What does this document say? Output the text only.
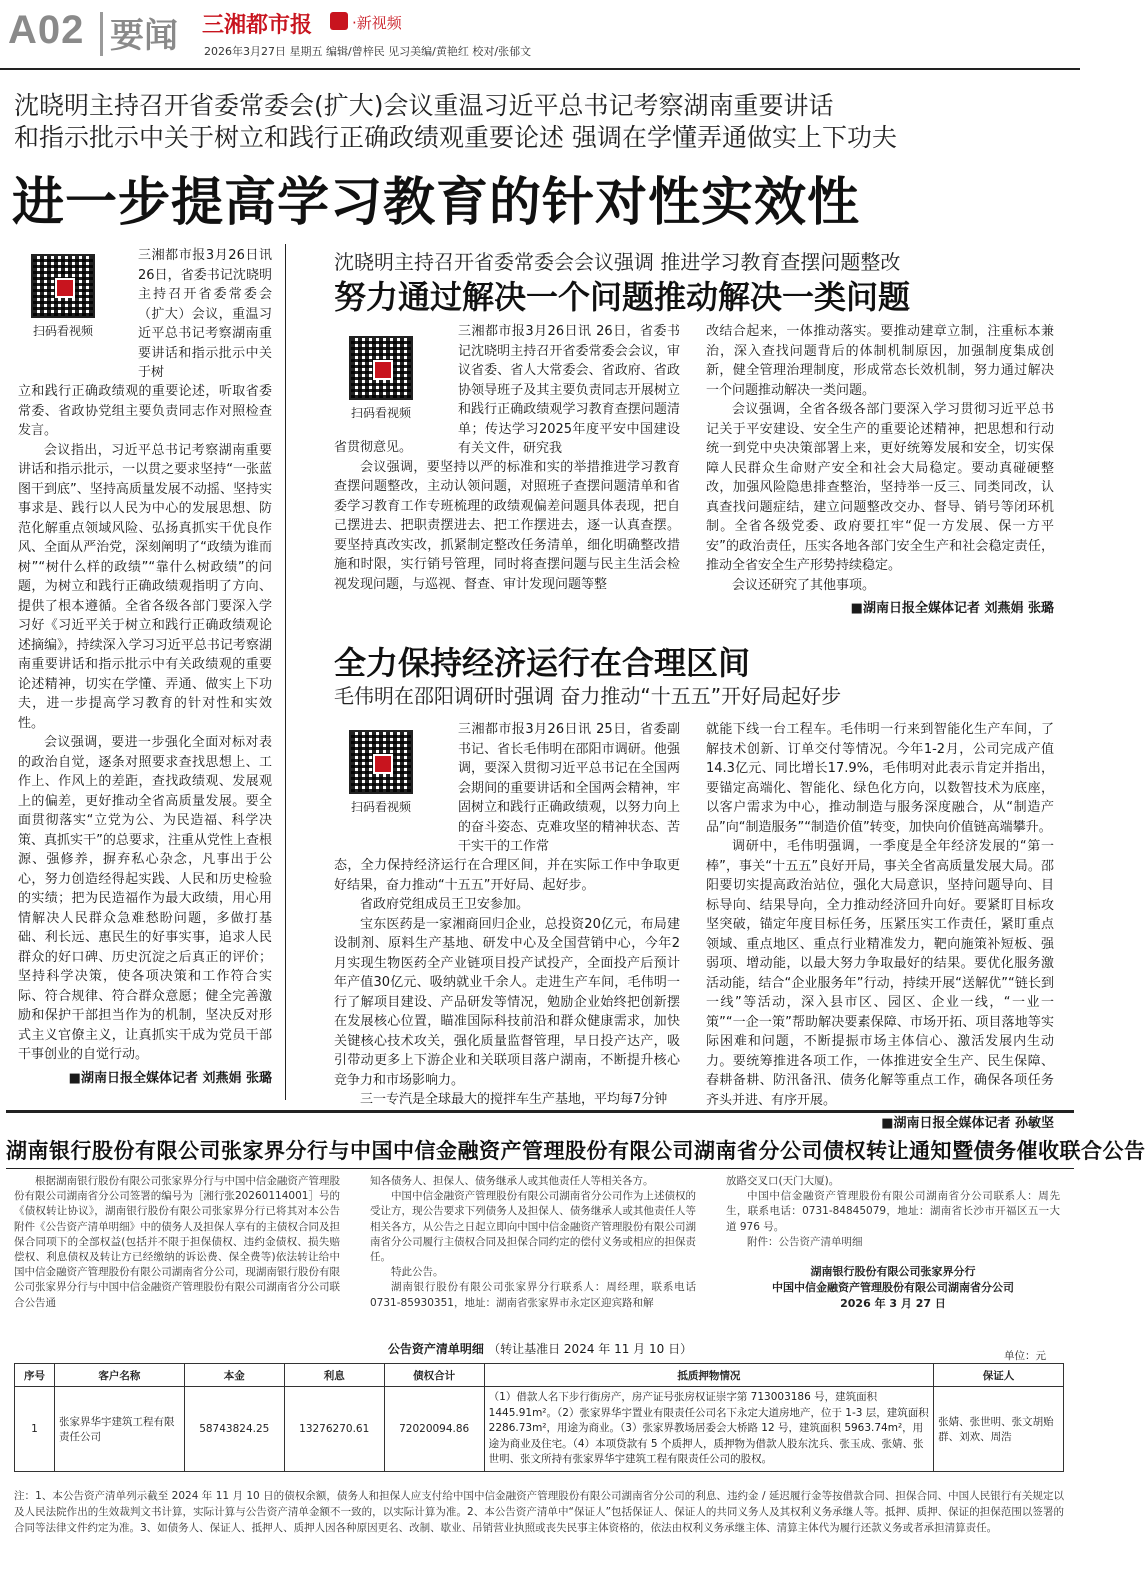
A02 要闻 三湘都市报	·新视频
2026年3月27日 星期五 编辑/曾梓民 见习美编/黄艳红 校对/张郁文
沈晓明主持召开省委常委会(扩大)会议重温习近平总书记考察湖南重要讲话
和指示批示中关于树立和践行正确政绩观重要论述 强调在学懂弄通做实上下功夫
进一步提高学习教育的针对性实效性
扫码看视频

三湘都市报3月26日讯 26日，省委书记沈晓明主持召开省委常委会（扩大）会议，重温习近平总书记考察湖南重要讲话和指示批示中关于树

立和践行正确政绩观的重要论述，听取省委常委、省政协党组主要负责同志作对照检查发言。

会议指出，习近平总书记考察湖南重要讲话和指示批示，一以贯之要求坚持“一张蓝图干到底”、坚持高质量发展不动摇、坚持实事求是、践行以人民为中心的发展思想、防范化解重点领域风险、弘扬真抓实干优良作风、全面从严治党，深刻阐明了“政绩为谁而树”“树什么样的政绩”“靠什么树政绩”的问题，为树立和践行正确政绩观指明了方向、提供了根本遵循。全省各级各部门要深入学习好《习近平关于树立和践行正确政绩观论述摘编》，持续深入学习习近平总书记考察湖南重要讲话和指示批示中有关政绩观的重要论述精神，切实在学懂、弄通、做实上下功夫，进一步提高学习教育的针对性和实效性。

会议强调，要进一步强化全面对标对表的政治自觉，逐条对照要求查找思想上、工作上、作风上的差距，查找政绩观、发展观上的偏差，更好推动全省高质量发展。要全面贯彻落实“立党为公、为民造福、科学决策、真抓实干”的总要求，注重从党性上查根源、强修养，摒弃私心杂念，凡事出于公心，努力创造经得起实践、人民和历史检验的实绩；把为民造福作为最大政绩，用心用情解决人民群众急难愁盼问题，多做打基础、利长远、惠民生的好事实事，追求人民群众的好口碑、历史沉淀之后真正的评价；坚持科学决策，使各项决策和工作符合实际、符合规律、符合群众意愿；健全完善激励和保护干部担当作为的机制，坚决反对形式主义官僚主义，让真抓实干成为党员干部干事创业的自觉行动。

■湖南日报全媒体记者 刘燕娟 张璐
沈晓明主持召开省委常委会会议强调 推进学习教育查摆问题整改
努力通过解决一个问题推动解决一类问题
扫码看视频

三湘都市报3月26日讯 26日，省委书记沈晓明主持召开省委常委会会议，审议省委、省人大常委会、省政府、省政协领导班子及其主要负责同志开展树立和践行正确政绩观学习教育查摆问题清单；传达学习2025年度平安中国建设有关文件，研究我

省贯彻意见。

会议强调，要坚持以严的标准和实的举措推进学习教育查摆问题整改，主动认领问题，对照班子查摆问题清单和省委学习教育工作专班梳理的政绩观偏差问题具体表现，把自己摆进去、把职责摆进去、把工作摆进去，逐一认真查摆。要坚持真改实改，抓紧制定整改任务清单，细化明确整改措施和时限，实行销号管理，同时将查摆问题与民主生活会检视发现问题，与巡视、督查、审计发现问题等整

改结合起来，一体推动落实。要推动建章立制，注重标本兼治，深入查找问题背后的体制机制原因，加强制度集成创新，健全管理治理制度，形成常态长效机制，努力通过解决一个问题推动解决一类问题。

会议强调，全省各级各部门要深入学习贯彻习近平总书记关于平安建设、安全生产的重要论述精神，把思想和行动统一到党中央决策部署上来，更好统筹发展和安全，切实保障人民群众生命财产安全和社会大局稳定。要动真碰硬整改，加强风险隐患排查整治，坚持举一反三、同类同改，认真查找问题症结，建立问题整改交办、督导、销号等闭环机制。全省各级党委、政府要扛牢“促一方发展、保一方平安”的政治责任，压实各地各部门安全生产和社会稳定责任，推动全省安全生产形势持续稳定。

会议还研究了其他事项。

■湖南日报全媒体记者 刘燕娟 张璐
全力保持经济运行在合理区间
毛伟明在邵阳调研时强调 奋力推动“十五五”开好局起好步
扫码看视频

三湘都市报3月26日讯 25日，省委副书记、省长毛伟明在邵阳市调研。他强调，要深入贯彻习近平总书记在全国两会期间的重要讲话和全国两会精神，牢固树立和践行正确政绩观，以努力向上的奋斗姿态、克难攻坚的精神状态、苦干实干的工作常

态，全力保持经济运行在合理区间，并在实际工作中争取更好结果，奋力推动“十五五”开好局、起好步。

省政府党组成员王卫安参加。

宝东医药是一家湘商回归企业，总投资20亿元，布局建设制剂、原料生产基地、研发中心及全国营销中心，今年2月实现生物医药全产业链项目投产试投产，全面投产后预计年产值30亿元、吸纳就业千余人。走进生产车间，毛伟明一行了解项目建设、产品研发等情况，勉励企业始终把创新摆在发展核心位置，瞄准国际科技前沿和群众健康需求，加快关键核心技术攻关，强化质量监督管理，早日投产达产，吸引带动更多上下游企业和关联项目落户湖南，不断提升核心竞争力和市场影响力。

三一专汽是全球最大的搅拌车生产基地，平均每7分钟

就能下线一台工程车。毛伟明一行来到智能化生产车间，了解技术创新、订单交付等情况。今年1-2月，公司完成产值14.3亿元、同比增长17.9%，毛伟明对此表示肯定并指出，要锚定高端化、智能化、绿色化方向，以数智技术为底座，以客户需求为中心，推动制造与服务深度融合，从“制造产品”向“制造服务”“制造价值”转变，加快向价值链高端攀升。

调研中，毛伟明强调，一季度是全年经济发展的“第一棒”，事关“十五五”良好开局，事关全省高质量发展大局。邵阳要切实提高政治站位，强化大局意识，坚持问题导向、目标导向、结果导向，全力推动经济回升向好。要紧盯目标攻坚突破，锚定年度目标任务，压紧压实工作责任，紧盯重点领域、重点地区、重点行业精准发力，靶向施策补短板、强弱项、增动能，以最大努力争取最好的结果。要优化服务激活动能，结合“企业服务年”行动，持续开展“送解优”“链长到一线”等活动，深入县市区、园区、企业一线，“一业一策”“一企一策”帮助解决要素保障、市场开拓、项目落地等实际困难和问题，不断提振市场主体信心、激活发展内生动力。要统筹推进各项工作，一体推进安全生产、民生保障、春耕备耕、防汛备汛、债务化解等重点工作，确保各项任务齐头并进、有序开展。

■湖南日报全媒体记者 孙敏坚
湖南银行股份有限公司张家界分行与中国中信金融资产管理股份有限公司湖南省分公司债权转让通知暨债务催收联合公告

根据湖南银行股份有限公司张家界分行与中国中信金融资产管理股份有限公司湖南省分公司签署的编号为［湘行张20260114001］号的《债权转让协议》，湖南银行股份有限公司张家界分行已将其对本公告附件《公告资产清单明细》中的债务人及担保人享有的主债权合同及担保合同项下的全部权益(包括并不限于担保债权、违约金债权、损失赔偿权、利息债权及转让方已经缴纳的诉讼费、保全费等)依法转让给中国中信金融资产管理股份有限公司湖南省分公司，现湖南银行股份有限公司张家界分行与中国中信金融资产管理股份有限公司湖南省分公司联合公告通

知各债务人、担保人、债务继承人或其他责任人等相关各方。

中国中信金融资产管理股份有限公司湖南省分公司作为上述债权的受让方，现公告要求下列债务人及担保人、债务继承人或其他责任人等相关各方，从公告之日起立即向中国中信金融资产管理股份有限公司湖南省分公司履行主债权合同及担保合同约定的偿付义务或相应的担保责任。

特此公告。

湖南银行股份有限公司张家界分行联系人：周经理，联系电话 0731-85930351，地址：湖南省张家界市永定区迎宾路和解

放路交叉口(天门大厦)。

中国中信金融资产管理股份有限公司湖南省分公司联系人：周先生，联系电话：0731-84845079，地址：湖南省长沙市开福区五一大道 976 号。

附件：公告资产清单明细

湖南银行股份有限公司张家界分行
中国中信金融资产管理股份有限公司湖南省分公司
2026 年 3 月 27 日
公告资产清单明细 （转让基准日 2024 年 11 月 10 日）	单位：元
序号	客户名称	本金	利息	债权合计	抵质押物情况	保证人
1	张家界华宇建筑工程有限责任公司	58743824.25	13276270.61	72020094.86	（1）借款人名下步行街房产，房产证号张房权证崇字第 713003186 号，建筑面积 1445.91m²。（2）张家界华宇置业有限责任公司名下永定大道房地产，位于 1-3 层，建筑面积 2286.73m²，用途为商业。（3）张家界教场居委会大桥路 12 号，建筑面积 5963.74m²，用途为商业及住宅。（4）本项贷款有 5 个质押人，质押物为借款人股东沈兵、张玉成、张婧、张世明、张文所持有张家界华宇建筑工程有限责任公司的股权。	张婧、张世明、张文胡贻群、刘欢、周浩
注：1、本公告资产清单列示截至 2024 年 11 月 10 日的债权余额，债务人和担保人应支付给中国中信金融资产管理股份有限公司湖南省分公司的利息、违约金 / 延迟履行金等按借款合同、担保合同、中国人民银行有关规定以及人民法院作出的生效裁判文书计算，实际计算与公告资产清单金额不一致的，以实际计算为准。2、本公告资产清单中“保证人”包括保证人、保证人的共同义务人及其权利义务承继人等。抵押、质押、保证的担保范围以签署的合同等法律文件约定为准。3、如债务人、保证人、抵押人、质押人因各种原因更名、改制、歇业、吊销营业执照或丧失民事主体资格的，依法由权利义务承继主体、清算主体代为履行还款义务或者承担清算责任。
